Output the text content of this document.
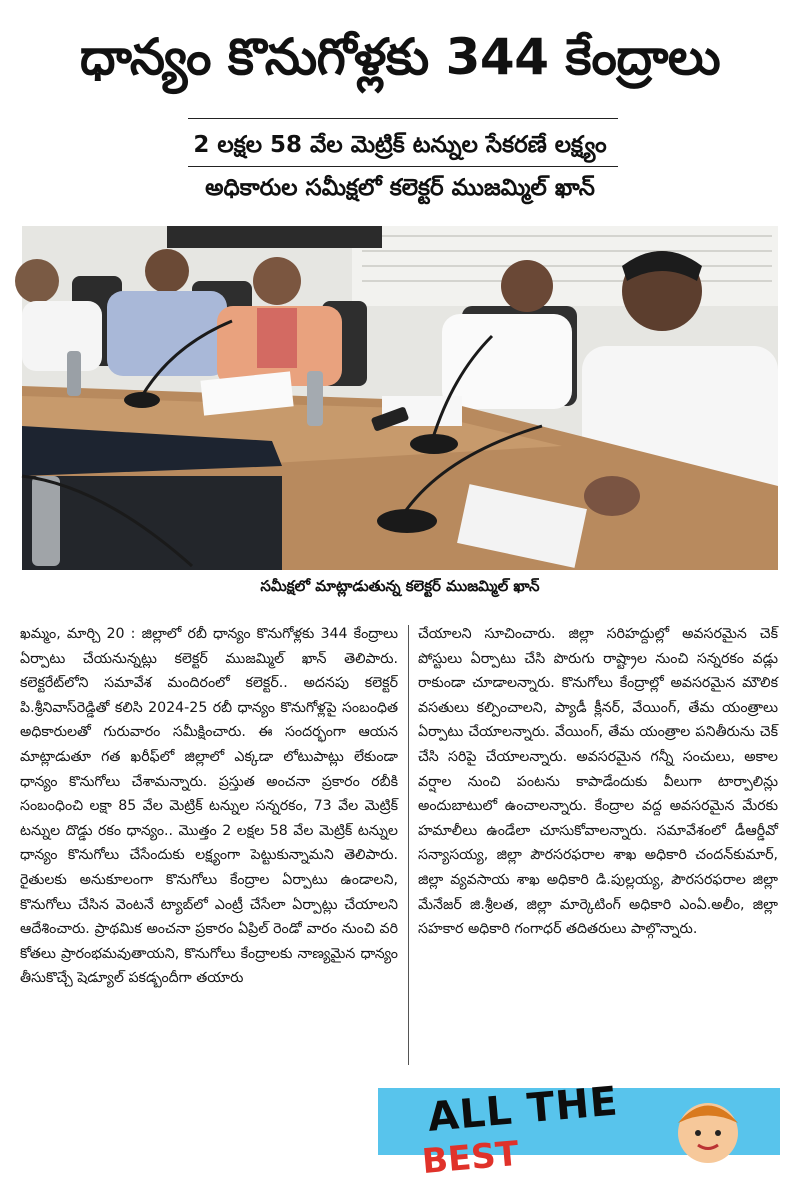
ధాన్యం కొనుగోళ్లకు 344 కేంద్రాలు
2 లక్షల 58 వేల మెట్రిక్ టన్నుల సేకరణే లక్ష్యం
అధికారుల సమీక్షలో కలెక్టర్ ముజమ్మిల్ ఖాన్
సమీక్షలో మాట్లాడుతున్న కలెక్టర్ ముజమ్మిల్ ఖాన్

ఖమ్మం, మార్చి 20 : జిల్లాలో రబీ ధాన్యం కొనుగోళ్లకు 344 కేంద్రాలు ఏర్పాటు చేయనున్నట్లు కలెక్టర్ ముజమ్మిల్ ఖాన్ తెలిపారు. కలెక్టరేట్‌లోని సమావేశ మందిరంలో కలెక్టర్.. అదనపు కలెక్టర్ పి.శ్రీనివాస్‌రెడ్డితో కలిసి 2024-25 రబీ ధాన్యం కొనుగోళ్లపై సంబంధిత అధికారులతో గురువారం సమీక్షించారు. ఈ సందర్భంగా ఆయన మాట్లాడుతూ గత ఖరీఫ్‌లో జిల్లాలో ఎక్కడా లోటుపాట్లు లేకుండా ధాన్యం కొనుగోలు చేశామన్నారు. ప్రస్తుత అంచనా ప్రకారం రబీకి సంబంధించి లక్షా 85 వేల మెట్రిక్ టన్నుల సన్నరకం, 73 వేల మెట్రిక్ టన్నుల దొడ్డు రకం ధాన్యం.. మొత్తం 2 లక్షల 58 వేల మెట్రిక్ టన్నుల ధాన్యం కొనుగోలు చేసేందుకు లక్ష్యంగా పెట్టుకున్నామని తెలిపారు. రైతులకు అనుకూలంగా కొనుగోలు కేంద్రాల ఏర్పాటు ఉండాలని, కొనుగోలు చేసిన వెంటనే ట్యాబ్‌లో ఎంట్రీ చేసేలా ఏర్పాట్లు చేయాలని ఆదేశించారు. ప్రాథమిక అంచనా ప్రకారం ఏప్రిల్ రెండో వారం నుంచి వరి కోతలు ప్రారంభమవుతాయని, కొనుగోలు కేంద్రాలకు నాణ్యమైన ధాన్యం తీసుకొచ్చే షెడ్యూల్ పకడ్బందీగా తయారు

చేయాలని సూచించారు. జిల్లా సరిహద్దుల్లో అవసరమైన చెక్ పోస్టులు ఏర్పాటు చేసి పొరుగు రాష్ట్రాల నుంచి సన్నరకం వడ్లు రాకుండా చూడాలన్నారు. కొనుగోలు కేంద్రాల్లో అవసరమైన మౌలిక వసతులు కల్పించాలని, ప్యాడీ క్లీనర్, వేయింగ్, తేమ యంత్రాలు ఏర్పాటు చేయాలన్నారు. వేయింగ్, తేమ యంత్రాల పనితీరును చెక్ చేసి సరిపై చేయాలన్నారు. అవసరమైన గన్నీ సంచులు, అకాల వర్షాల నుంచి పంటను కాపాడేందుకు వీలుగా టార్పాలిన్లు అందుబాటులో ఉంచాలన్నారు. కేంద్రాల వద్ద అవసరమైన మేరకు హమాలీలు ఉండేలా చూసుకోవాలన్నారు. సమావేశంలో డీఆర్డీవో సన్యాసయ్య, జిల్లా పౌరసరఫరాల శాఖ అధికారి చందన్‌కుమార్, జిల్లా వ్యవసాయ శాఖ అధికారి డి.పుల్లయ్య, పౌరసరఫరాల జిల్లా మేనేజర్ జి.శ్రీలత, జిల్లా మార్కెటింగ్ అధికారి ఎంఏ.అలీం, జిల్లా సహకార అధికారి గంగాధర్ తదితరులు పాల్గొన్నారు.

ALL THE
BEST
